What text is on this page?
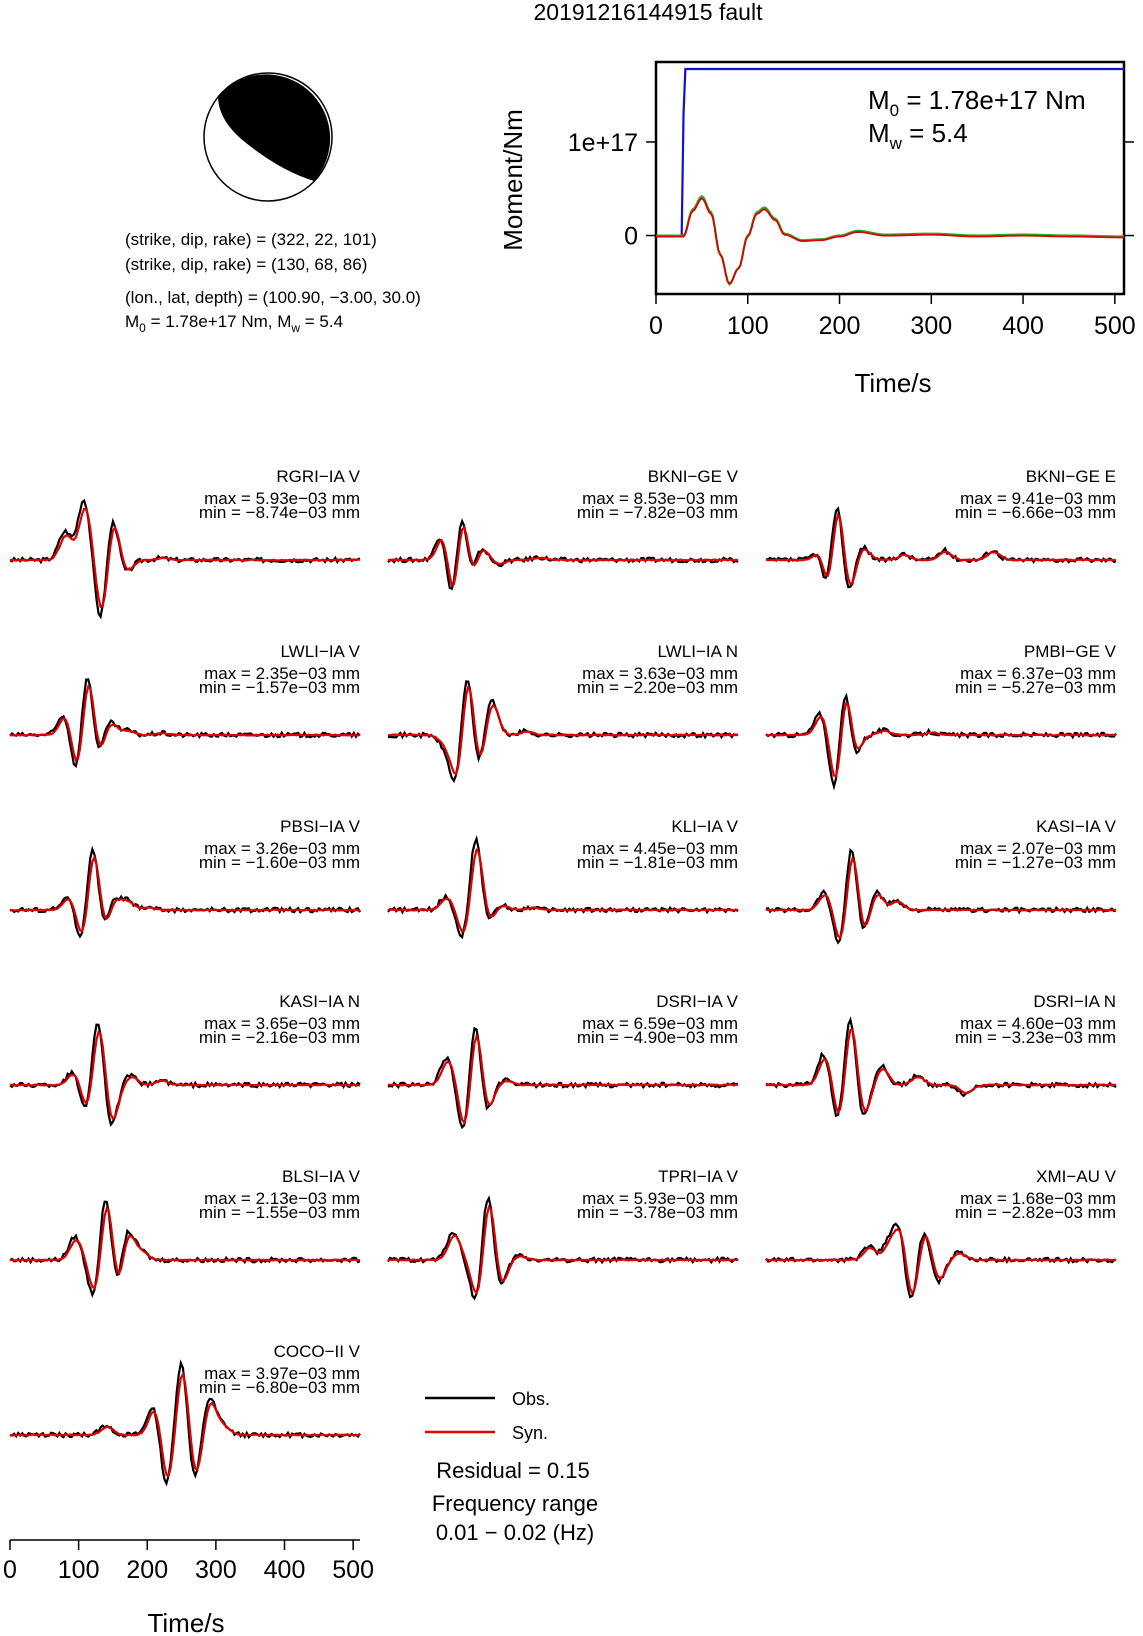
20191216144915 fault
(strike, dip, rake) = (322, 22, 101)
(strike, dip, rake) = (130, 68, 86)
(lon., lat, depth) = (100.90, −3.00, 30.0)
$M_0 = 1.78e+17$ Nm, $M_w = 5.4$
Moment/Nm
Time/s
$M_0 = 1.78e+17$ Nm
$M_w = 5.4$
0	100 200 300 400 500
0
1e+17
RGRI−IA V
max = 5.93e−03 mm
min = −8.74e−03 mm
BKNI−GE V
max = 8.53e−03 mm
min = −7.82e−03 mm
BKNI−GE E
max = 9.41e−03 mm
min = −6.66e−03 mm
LWLI−IA V
max = 2.35e−03 mm
min = −1.57e−03 mm
LWLI−IA N
max = 3.63e−03 mm
min = −2.20e−03 mm
PMBI−GE V
max = 6.37e−03 mm
min = −5.27e−03 mm
PBSI−IA V
max = 3.26e−03 mm
min = −1.60e−03 mm
KLI−IA V
max = 4.45e−03 mm
min = −1.81e−03 mm
KASI−IA V
max = 2.07e−03 mm
min = −1.27e−03 mm
KASI−IA N
max = 3.65e−03 mm
min = −2.16e−03 mm
DSRI−IA V
max = 6.59e−03 mm
min = −4.90e−03 mm
DSRI−IA N
max = 4.60e−03 mm
min = −3.23e−03 mm
BLSI−IA V
max = 2.13e−03 mm
min = −1.55e−03 mm
TPRI−IA V
max = 5.93e−03 mm
min = −3.78e−03 mm
XMI−AU V
max = 1.68e−03 mm
min = −2.82e−03 mm
COCO−II V
max = 3.97e−03 mm
min = −6.80e−03 mm
Obs.
Syn.
Residual = 0.15
Frequency range
0.01 − 0.02 (Hz)
Time/s
0 100 200 300 400 500
